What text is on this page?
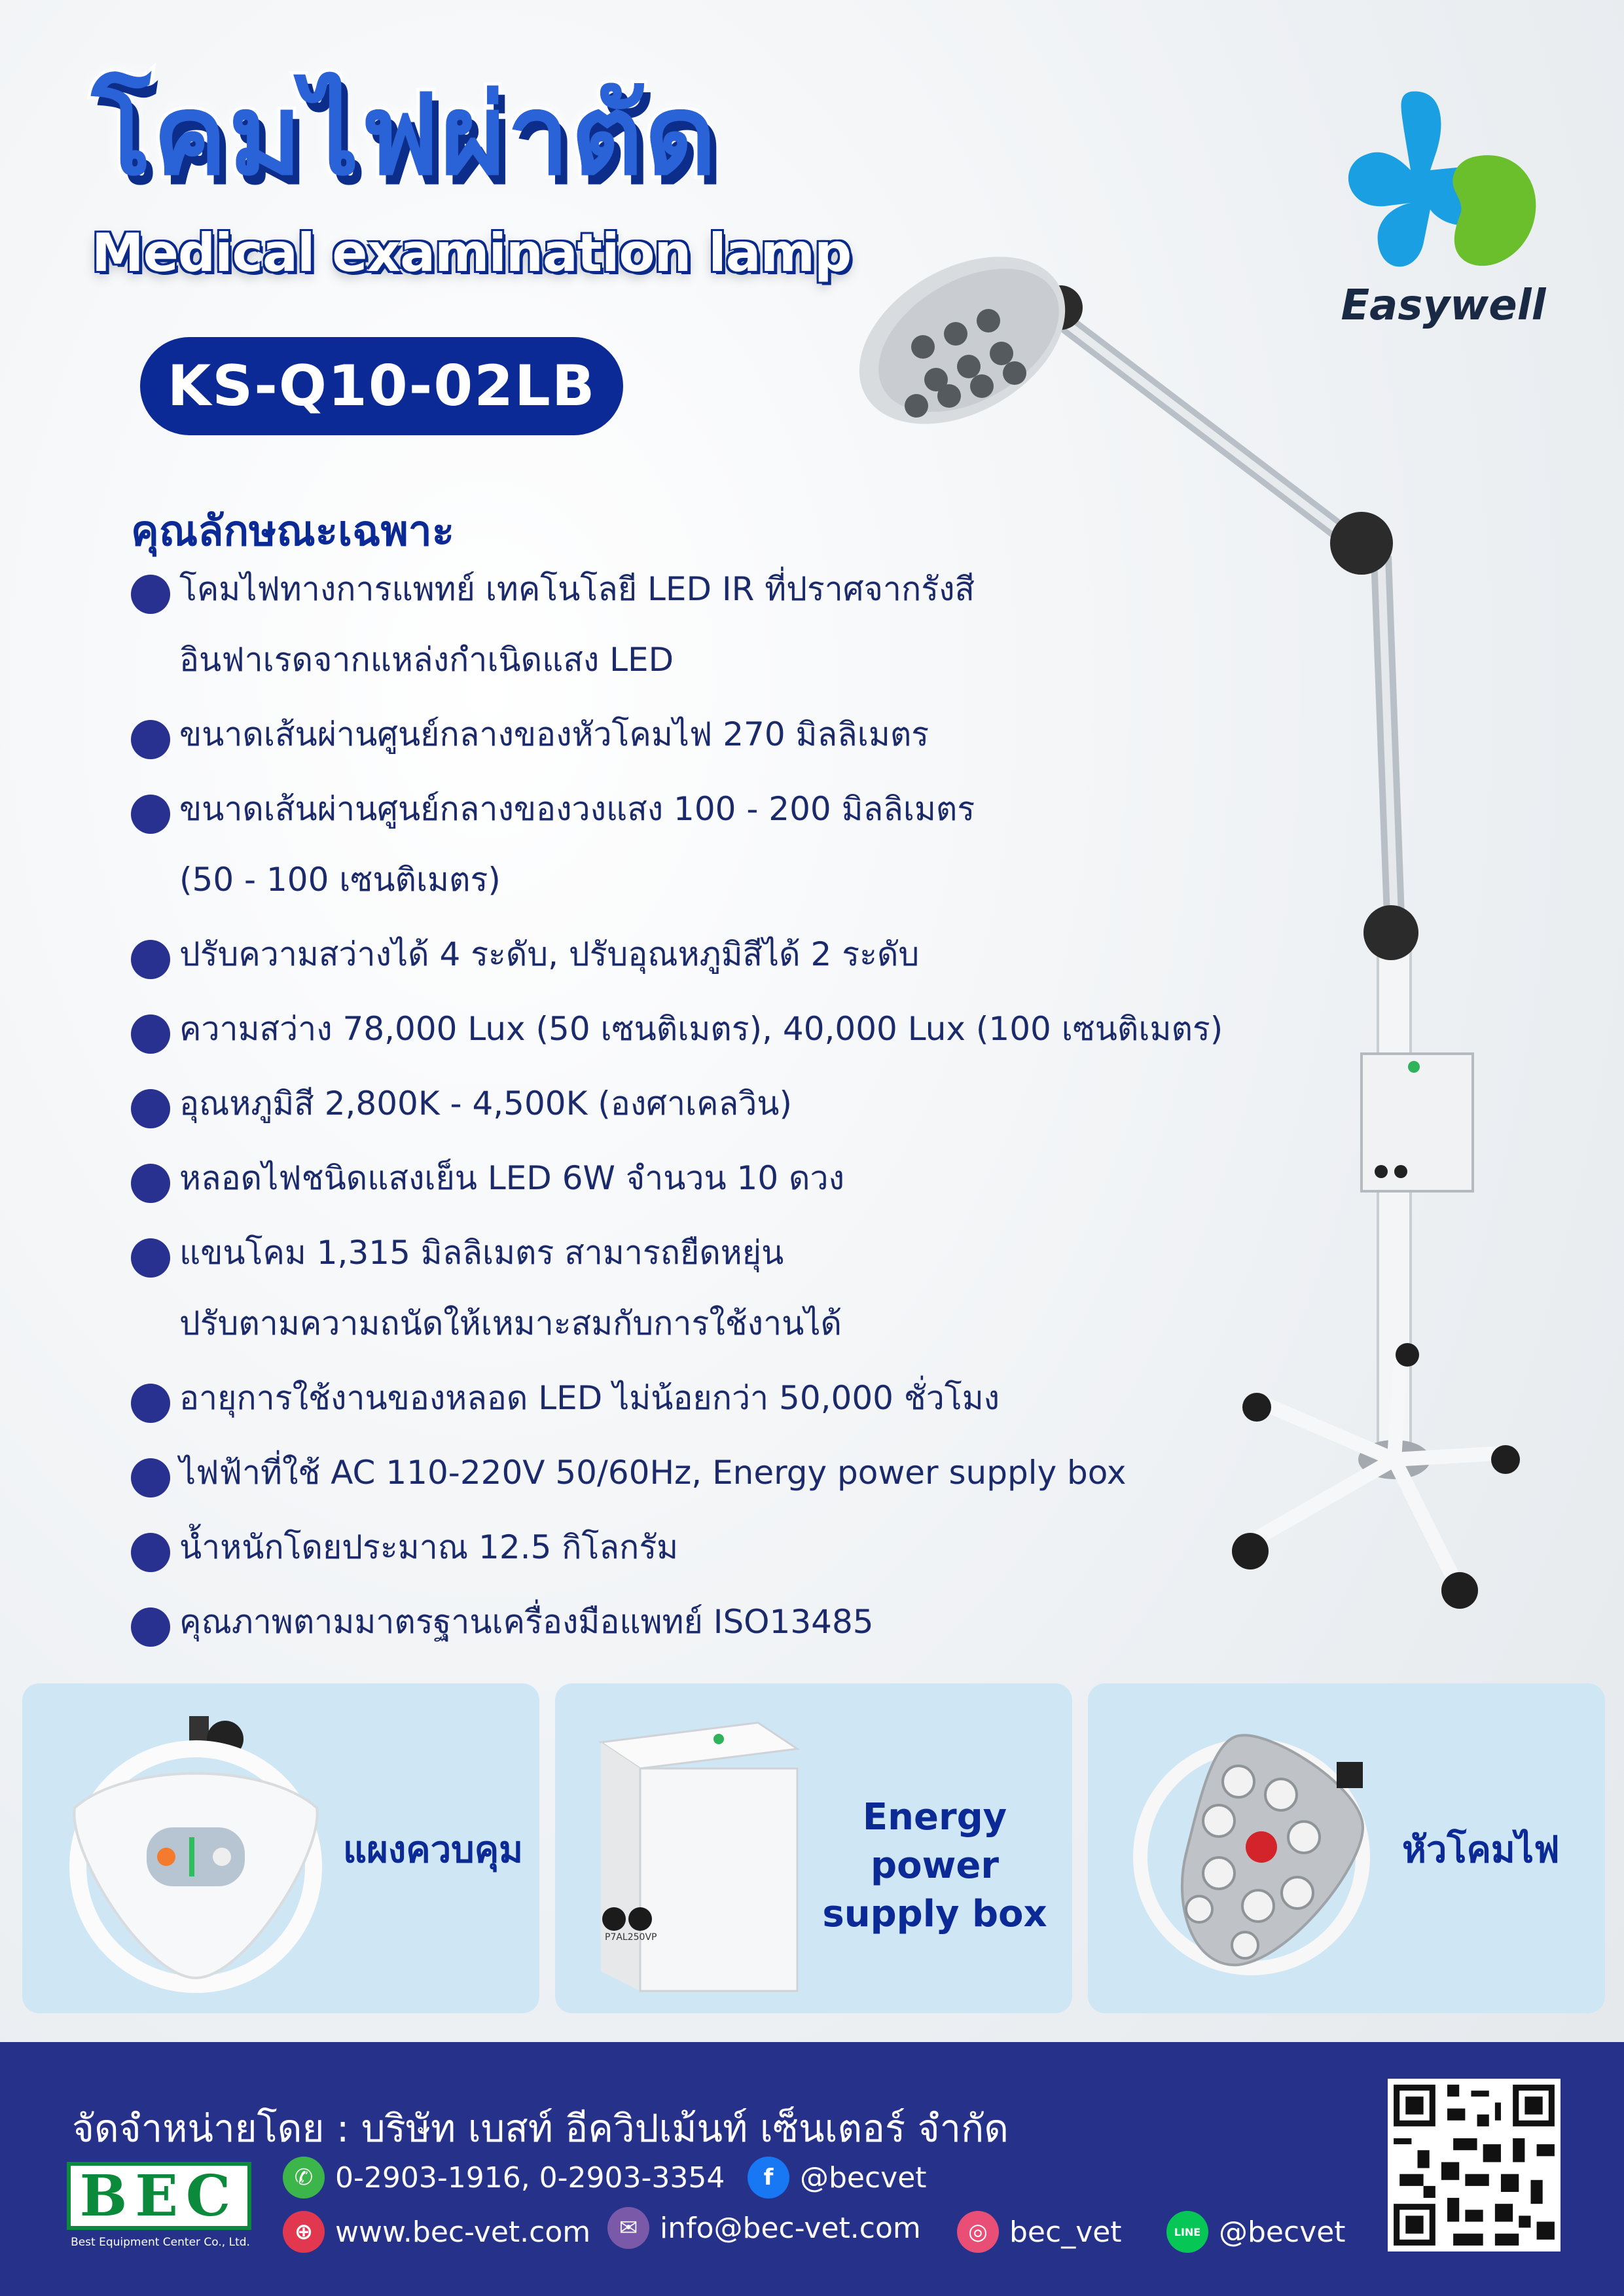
โคมไฟผ่าตัด
Medical examination lamp
KS-Q10-02LB
Easywell
คุณลักษณะเฉพาะ
โคมไฟทางการแพทย์ เทคโนโลยี LED IR ที่ปราศจากรังสี
อินฟาเรดจากแหล่งกำเนิดแสง LED
ขนาดเส้นผ่านศูนย์กลางของหัวโคมไฟ 270 มิลลิเมตร
ขนาดเส้นผ่านศูนย์กลางของวงแสง 100 - 200 มิลลิเมตร
(50 - 100 เซนติเมตร)
ปรับความสว่างได้ 4 ระดับ, ปรับอุณหภูมิสีได้ 2 ระดับ
ความสว่าง 78,000 Lux (50 เซนติเมตร), 40,000 Lux (100 เซนติเมตร)
อุณหภูมิสี 2,800K - 4,500K (องศาเคลวิน)
หลอดไฟชนิดแสงเย็น LED 6W จำนวน 10 ดวง
แขนโคม 1,315 มิลลิเมตร สามารถยืดหยุ่น
ปรับตามความถนัดให้เหมาะสมกับการใช้งานได้
อายุการใช้งานของหลอด LED ไม่น้อยกว่า 50,000 ชั่วโมง
ไฟฟ้าที่ใช้ AC 110-220V 50/60Hz, Energy power supply box
น้ำหนักโดยประมาณ 12.5 กิโลกรัม
คุณภาพตามมาตรฐานเครื่องมือแพทย์ ISO13485
แผงควบคุม
P7AL250VP
Energy power
supply box
หัวโคมไฟ
จัดจำหน่ายโดย : บริษัท เบสท์ อีควิปเม้นท์ เซ็นเตอร์ จำกัด
BEC
Best Equipment Center Co., Ltd.
✆ 0-2903-1916, 0-2903-3354	f @becvet
⊕ www.bec-vet.com	✉ info@bec-vet.com	◎ bec_vet	LINE @becvet
